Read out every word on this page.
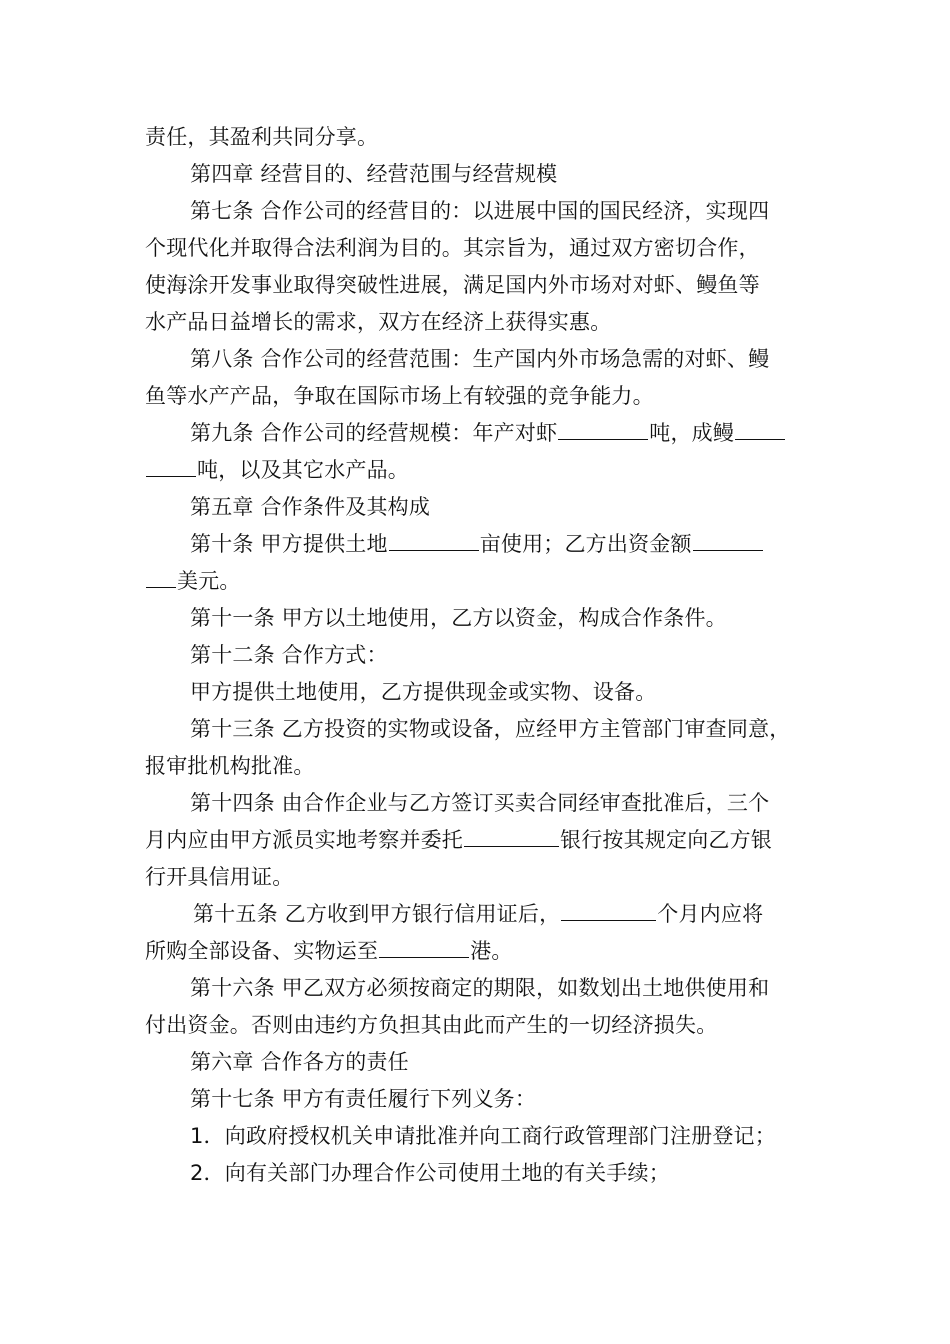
责任，其盈利共同分享。
第四章 经营目的、经营范围与经营规模
第七条 合作公司的经营目的：以进展中国的国民经济，实现四
个现代化并取得合法利润为目的。其宗旨为，通过双方密切合作，
使海涂开发事业取得突破性进展，满足国内外市场对对虾、鳗鱼等
水产品日益增长的需求，双方在经济上获得实惠。
第八条 合作公司的经营范围：生产国内外市场急需的对虾、鳗
鱼等水产产品，争取在国际市场上有较强的竞争能力。
第九条 合作公司的经营规模：年产对虾	吨，成鳗
吨，以及其它水产品。
第五章 合作条件及其构成
第十条 甲方提供土地	亩使用；乙方出资金额
美元。
第十一条 甲方以土地使用，乙方以资金，构成合作条件。
第十二条 合作方式：
甲方提供土地使用，乙方提供现金或实物、设备。
第十三条 乙方投资的实物或设备，应经甲方主管部门审查同意，
报审批机构批准。
第十四条 由合作企业与乙方签订买卖合同经审查批准后，三个
月内应由甲方派员实地考察并委托	银行按其规定向乙方银
行开具信用证。
第十五条 乙方收到甲方银行信用证后，	个月内应将
所购全部设备、实物运至	港。
第十六条 甲乙双方必须按商定的期限，如数划出土地供使用和
付出资金。否则由违约方负担其由此而产生的一切经济损失。
第六章 合作各方的责任
第十七条 甲方有责任履行下列义务：
1．向政府授权机关申请批准并向工商行政管理部门注册登记；
2．向有关部门办理合作公司使用土地的有关手续；
